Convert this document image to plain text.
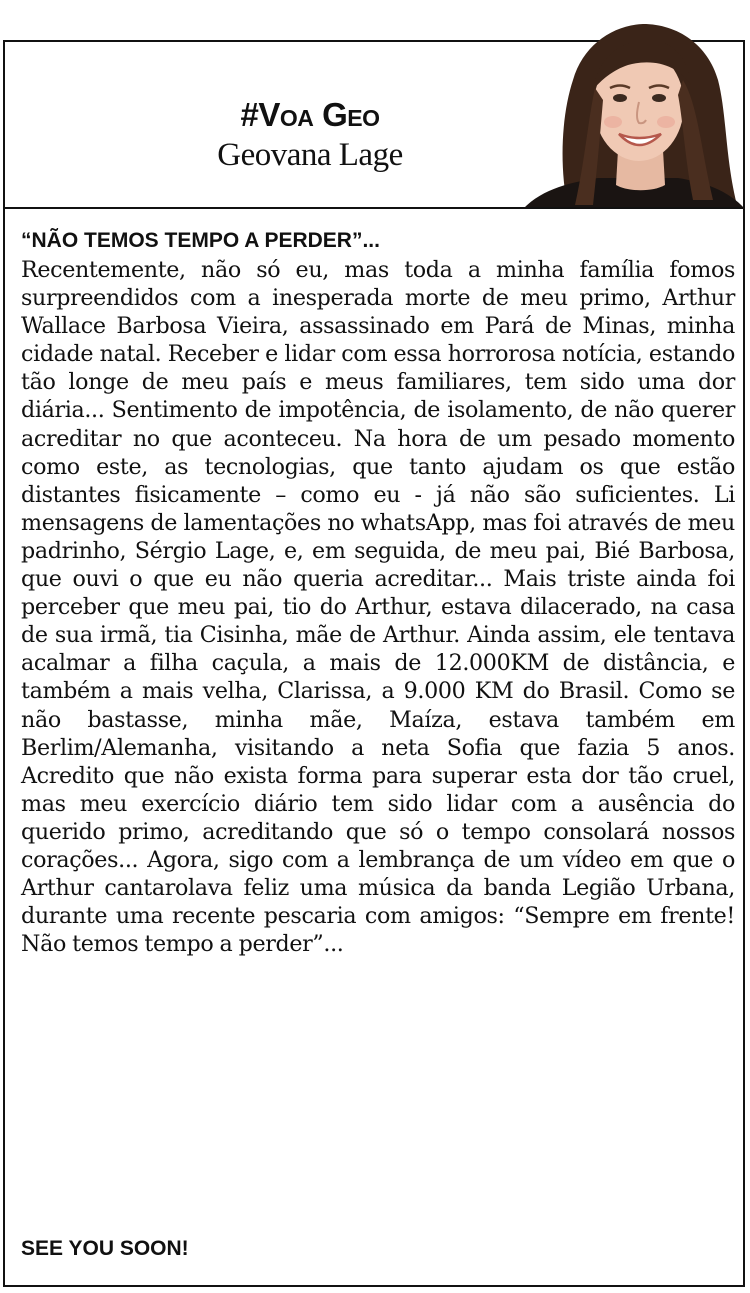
#Voa Geo
Geovana Lage
“NÃO TEMOS TEMPO A PERDER”...

Recentemente, não só eu, mas toda a minha família fomos surpreendidos com a inesperada morte de meu primo, Arthur Wallace Barbosa Vieira, assassinado em Pará de Minas, minha cidade natal. Receber e lidar com essa horrorosa notícia, estando tão longe de meu país e meus familiares, tem sido uma dor diária... Sentimento de impotência, de isolamento, de não querer acreditar no que aconteceu. Na hora de um pesado momento como este, as tecnologias, que tanto ajudam os que estão distantes fisicamente – como eu - já não são suficientes. Li mensagens de lamentações no whatsApp, mas foi através de meu padrinho, Sérgio Lage, e, em seguida, de meu pai, Bié Barbosa, que ouvi o que eu não queria acreditar... Mais triste ainda foi perceber que meu pai, tio do Arthur, estava dilacerado, na casa de sua irmã, tia Cisinha, mãe de Arthur. Ainda assim, ele tentava acalmar a filha caçula, a mais de 12.000KM de distância, e também a mais velha, Clarissa, a 9.000 KM do Brasil. Como se não bastasse, minha mãe, Maíza, estava também em Berlim/Alemanha, visitando a neta Sofia que fazia 5 anos. Acredito que não exista forma para superar esta dor tão cruel, mas meu exercício diário tem sido lidar com a ausência do querido primo, acreditando que só o tempo consolará nossos corações... Agora, sigo com a lembrança de um vídeo em que o Arthur cantarolava feliz uma música da banda Legião Urbana, durante uma recente pescaria com amigos: “Sempre em frente! Não temos tempo a perder”...

SEE YOU SOON!
